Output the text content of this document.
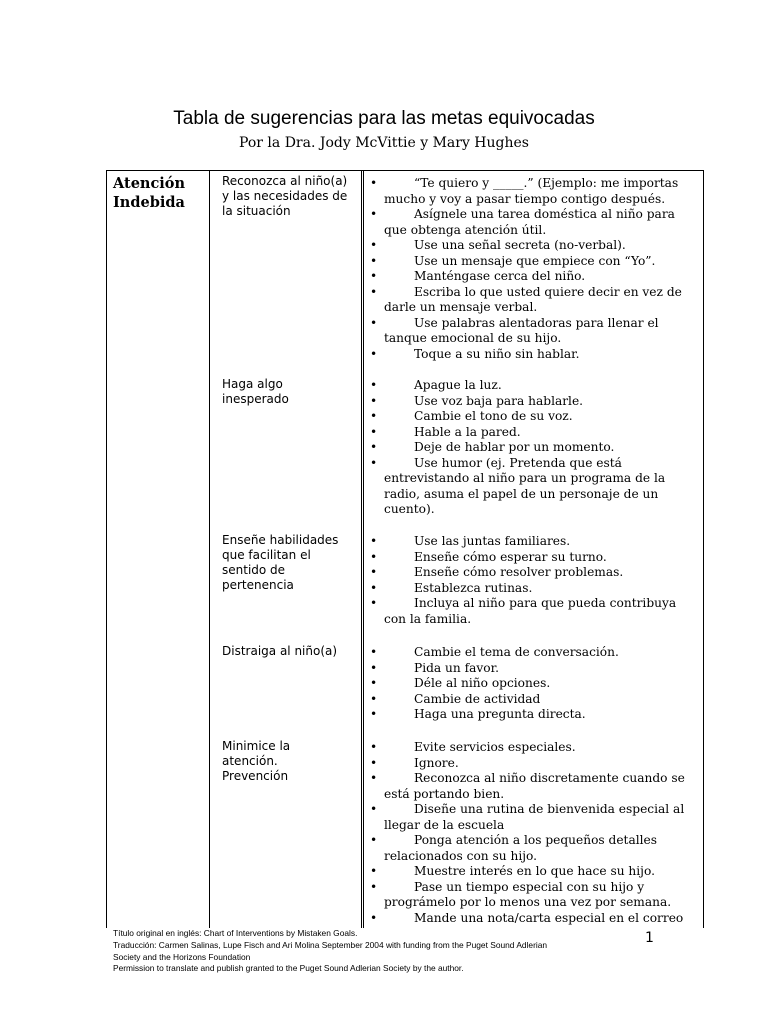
Tabla de sugerencias para las metas equivocadas
Por la Dra. Jody McVittie y Mary Hughes
Atención Indebida
Reconozca al niño(a) y las necesidades de la situación
• “Te quiero y _____.” (Ejemplo: me importas mucho y voy a pasar tiempo contigo después.
• Asígnele una tarea doméstica al niño para que obtenga atención útil.
• Use una señal secreta (no-verbal).
• Use un mensaje que empiece con “Yo”.
• Manténgase cerca del niño.
• Escriba lo que usted quiere decir en vez de darle un mensaje verbal.
• Use palabras alentadoras para llenar el tanque emocional de su hijo.
• Toque a su niño sin hablar.
Haga algo inesperado
• Apague la luz.
• Use voz baja para hablarle.
• Cambie el tono de su voz.
• Hable a la pared.
• Deje de hablar por un momento.
• Use humor (ej. Pretenda que está entrevistando al niño para un programa de la radio, asuma el papel de un personaje de un cuento).
Enseñe habilidades que facilitan el sentido de pertenencia
• Use las juntas familiares.
• Enseñe cómo esperar su turno.
• Enseñe cómo resolver problemas.
• Establezca rutinas.
• Incluya al niño para que pueda contribuya con la familia.
Distraiga al niño(a)
•	Cambie el tema de conversación.
• Pida un favor.
• Déle al niño opciones.
• Cambie de actividad
• Haga una pregunta directa.
Minimice la atención. Prevención
• Evite servicios especiales.
• Ignore.
• Reconozca al niño discretamente cuando se está portando bien.
• Diseñe una rutina de bienvenida especial al llegar de la escuela
• Ponga atención a los pequeños detalles relacionados con su hijo.
• Muestre interés en lo que hace su hijo.
• Pase un tiempo especial con su hijo y prográmelo por lo menos una vez por semana.
• Mande una nota/carta especial en el correo
Título original en inglés: Chart of Interventions by Mistaken Goals.
Traducción: Carmen Salinas, Lupe Fisch and Ari Molina September 2004 with funding from the Puget Sound Adlerian
Society and the Horizons Foundation
Permission to translate and publish granted to the Puget Sound Adlerian Society by the author.
1
